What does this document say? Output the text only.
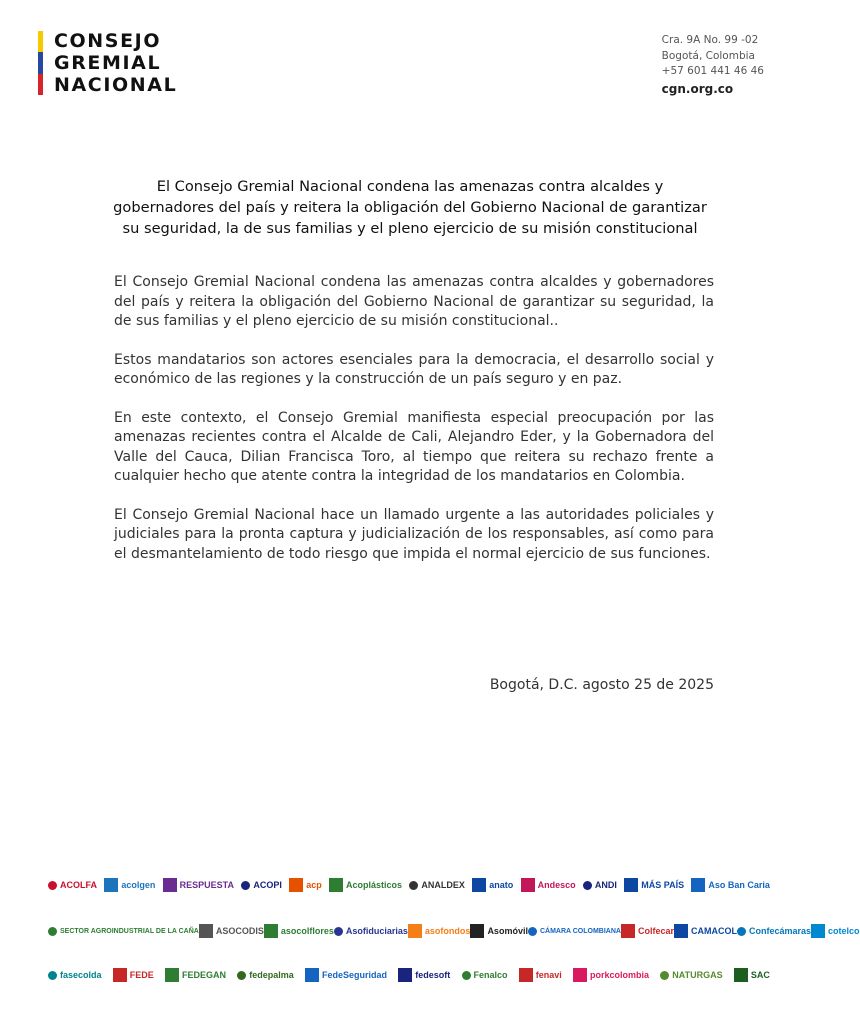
CONSEJO
GREMIAL
NACIONAL
Cra. 9A No. 99 -02
Bogotá, Colombia
+57 601 441 46 46
cgn.org.co
El Consejo Gremial Nacional condena las amenazas contra alcaldes y gobernadores del país y reitera la obligación del Gobierno Nacional de garantizar su seguridad, la de sus familias y el pleno ejercicio de su misión constitucional

El Consejo Gremial Nacional condena las amenazas contra alcaldes y gobernadores del país y reitera la obligación del Gobierno Nacional de garantizar su seguridad, la de sus familias y el pleno ejercicio de su misión constitucional..

Estos mandatarios son actores esenciales para la democracia, el desarrollo social y económico de las regiones y la construcción de un país seguro y en paz.

En este contexto, el Consejo Gremial manifiesta especial preocupación por las amenazas recientes contra el Alcalde de Cali, Alejandro Eder, y la Gobernadora del Valle del Cauca, Dilian Francisca Toro, al tiempo que reitera su rechazo frente a cualquier hecho que atente contra la integridad de los mandatarios en Colombia.

El Consejo Gremial Nacional hace un llamado urgente a las autoridades policiales y judiciales para la pronta captura y judicialización de los responsables, así como para el desmantelamiento de todo riesgo que impida el normal ejercicio de sus funciones.

Bogotá, D.C. agosto 25 de 2025
ACOLFA	acolgen	RESPUESTA ACOPI	acp	Acoplásticos ANALDEX	anato	Andesco ANDI	MÁS PAÍS	Aso Ban Caria
SECTOR AGROINDUSTRIAL DE LA CAÑA ASOCODIS asocolflores Asofiduciarias asofondos Asomóvil CÁMARA COLOMBIANA Colfecar CAMACOL Confecámaras cotelco
fasecolda	FEDE	FEDEGAN	fedepalma	FedeSeguridad	fedesoft	Fenalco	fenavi	porkcolombia	NATURGAS	SAC
